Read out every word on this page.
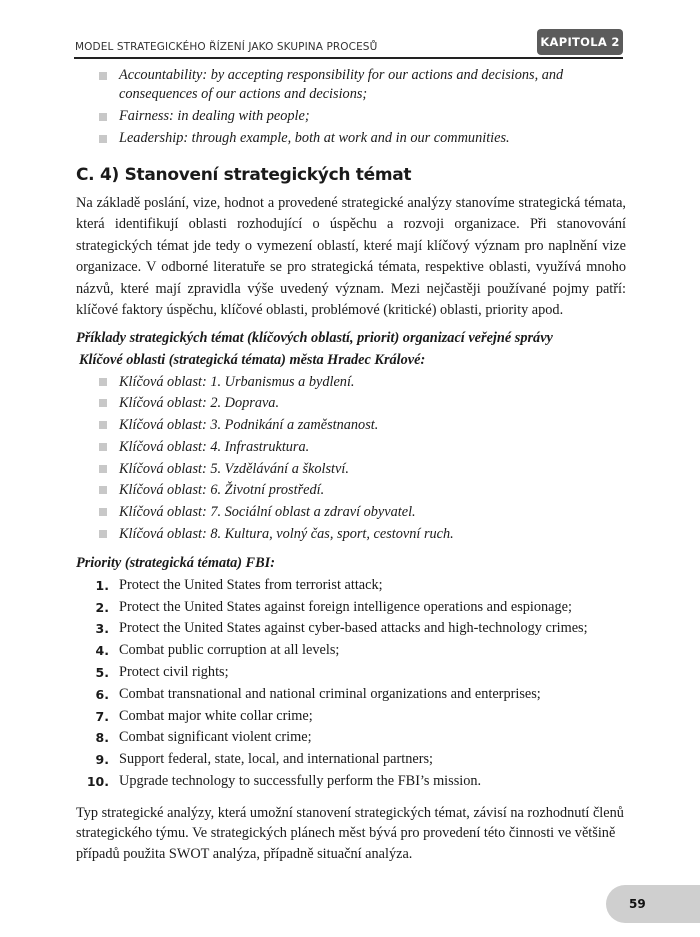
MODEL STRATEGICKÉHO ŘÍZENÍ JAKO SKUPINA PROCESŮ	KAPITOLA 2
Accountability: by accepting responsibility for our actions and decisions, and consequences of our actions and decisions;
Fairness: in dealing with people;
Leadership: through example, both at work and in our communities.
C. 4) Stanovení strategických témat

Na základě poslání, vize, hodnot a provedené strategické analýzy stanovíme strategická témata, která identifikují oblasti rozhodující o úspěchu a rozvoji organizace. Při stanovování strategických témat jde tedy o vymezení oblastí, které mají klíčový význam pro naplnění vize organizace. V odborné literatuře se pro strategická témata, respektive oblasti, využívá mnoho názvů, které mají zpravidla výše uvedený význam. Mezi nejčastěji používané pojmy patří: klíčové faktory úspěchu, klíčové oblasti, problémové (kritické) oblasti, priority apod.

Příklady strategických témat (klíčových oblastí, priorit) organizací veřejné správy
Klíčové oblasti (strategická témata) města Hradec Králové:
Klíčová oblast: 1. Urbanismus a bydlení.
Klíčová oblast: 2. Doprava.
Klíčová oblast: 3. Podnikání a zaměstnanost.
Klíčová oblast: 4. Infrastruktura.
Klíčová oblast: 5. Vzdělávání a školství.
Klíčová oblast: 6. Životní prostředí.
Klíčová oblast: 7. Sociální oblast a zdraví obyvatel.
Klíčová oblast: 8. Kultura, volný čas, sport, cestovní ruch.
Priority (strategická témata) FBI:
1. Protect the United States from terrorist attack;
2. Protect the United States against foreign intelligence operations and espionage;
3. Protect the United States against cyber-based attacks and high-technology crimes;
4. Combat public corruption at all levels;
5. Protect civil rights;
6. Combat transnational and national criminal organizations and enterprises;
7. Combat major white collar crime;
8. Combat significant violent crime;
9. Support federal, state, local, and international partners;
10. Upgrade technology to successfully perform the FBI’s mission.

Typ strategické analýzy, která umožní stanovení strategických témat, závisí na rozhodnutí členů strategického týmu. Ve strategických plánech měst bývá pro provedení této činnosti ve většině případů použita SWOT analýza, případně situační analýza.

59
